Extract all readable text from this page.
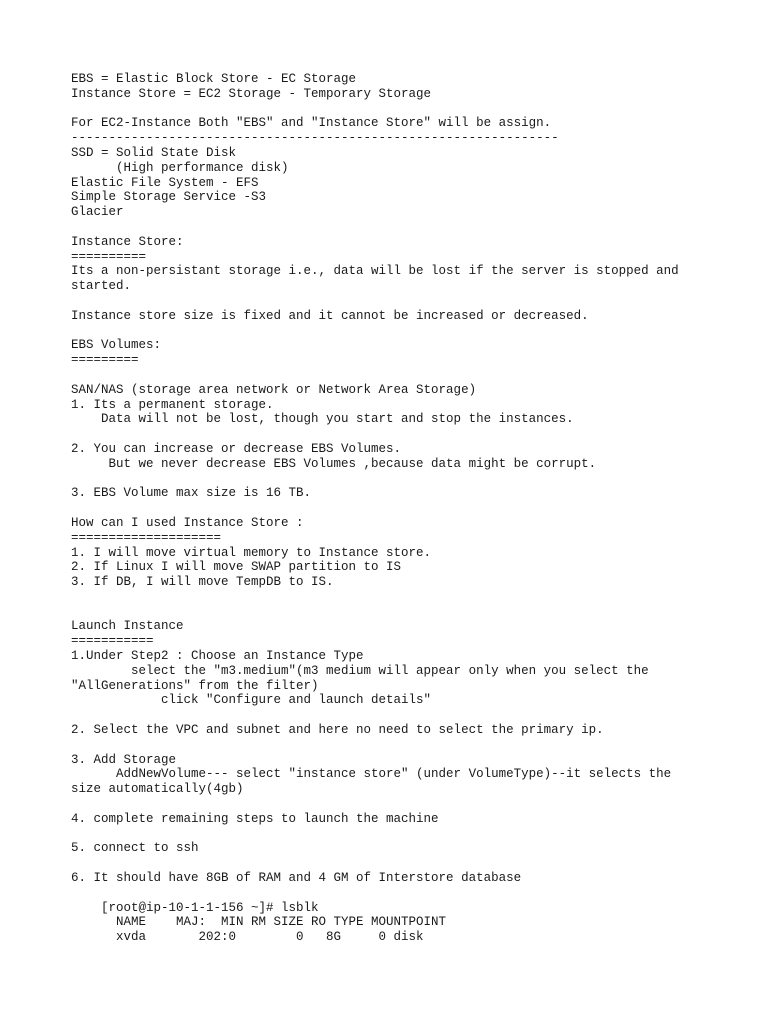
EBS = Elastic Block Store - EC Storage
Instance Store = EC2 Storage - Temporary Storage

For EC2-Instance Both "EBS" and "Instance Store" will be assign.
-----------------------------------------------------------------
SSD = Solid State Disk
(High performance disk)
Elastic File System - EFS
Simple Storage Service -S3
Glacier

Instance Store:
==========
Its a non-persistant storage i.e., data will be lost if the server is stopped and
started.

Instance store size is fixed and it cannot be increased or decreased.

EBS Volumes:
=========

SAN/NAS (storage area network or Network Area Storage)
1. Its a permanent storage.
Data will not be lost, though you start and stop the instances.

2. You can increase or decrease EBS Volumes.
But we never decrease EBS Volumes ,because data might be corrupt.

3. EBS Volume max size is 16 TB.

How can I used Instance Store :
====================
1. I will move virtual memory to Instance store.
2. If Linux I will move SWAP partition to IS
3. If DB, I will move TempDB to IS.

Launch Instance
===========
1.Under Step2 : Choose an Instance Type
select the "m3.medium"(m3 medium will appear only when you select the
"AllGenerations" from the filter)
click "Configure and launch details"

2. Select the VPC and subnet and here no need to select the primary ip.

3. Add Storage
AddNewVolume--- select "instance store" (under VolumeType)--it selects the
size automatically(4gb)

4. complete remaining steps to launch the machine

5. connect to ssh

6. It should have 8GB of RAM and 4 GM of Interstore database

[root@ip-10-1-1-156 ~]# lsblk
NAME    MAJ:  MIN RM SIZE RO TYPE MOUNTPOINT
xvda       202:0        0   8G     0 disk
